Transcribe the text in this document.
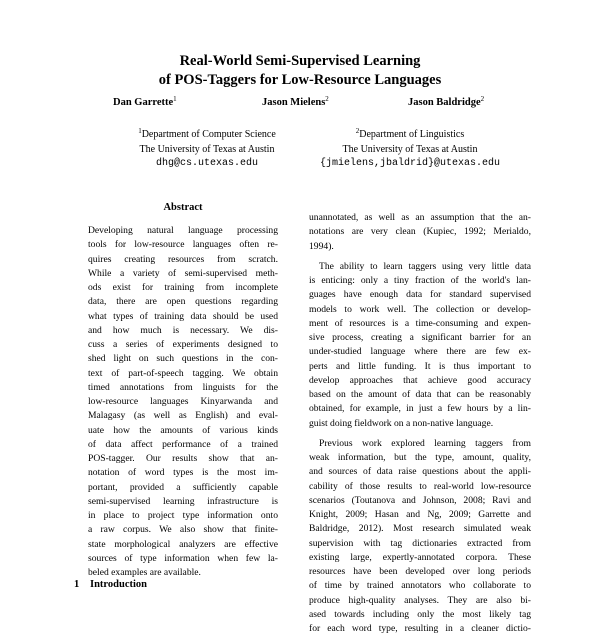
Real-World Semi-Supervised Learning
of POS-Taggers for Low-Resource Languages
Dan Garrette$^1$	Jason Mielens$^2$	Jason Baldridge$^2$
$^1$Department of Computer Science
The University of Texas at Austin
dhg@cs.utexas.edu
$^2$Department of Linguistics
The University of Texas at Austin
{jmielens,jbaldrid}@utexas.edu
Abstract
Developing natural language processing
tools for low-resource languages often re-
quires creating resources from scratch.
While a variety of semi-supervised meth-
ods exist for training from incomplete
data, there are open questions regarding
what types of training data should be used
and how much is necessary. We dis-
cuss a series of experiments designed to
shed light on such questions in the con-
text of part-of-speech tagging. We obtain
timed annotations from linguists for the
low-resource languages Kinyarwanda and
Malagasy (as well as English) and eval-
uate how the amounts of various kinds
of data affect performance of a trained
POS-tagger. Our results show that an-
notation of word types is the most im-
portant, provided a sufficiently capable
semi-supervised learning infrastructure is
in place to project type information onto
a raw corpus. We also show that finite-
state morphological analyzers are effective
sources of type information when few la-
beled examples are available.
1 Introduction
unannotated, as well as an assumption that the an-
notations are very clean (Kupiec, 1992; Merialdo,
1994).
The ability to learn taggers using very little data
is enticing: only a tiny fraction of the world's lan-
guages have enough data for standard supervised
models to work well. The collection or develop-
ment of resources is a time-consuming and expen-
sive process, creating a significant barrier for an
under-studied language where there are few ex-
perts and little funding. It is thus important to
develop approaches that achieve good accuracy
based on the amount of data that can be reasonably
obtained, for example, in just a few hours by a lin-
guist doing fieldwork on a non-native language.
Previous work explored learning taggers from
weak information, but the type, amount, quality,
and sources of data raise questions about the appli-
cability of those results to real-world low-resource
scenarios (Toutanova and Johnson, 2008; Ravi and
Knight, 2009; Hasan and Ng, 2009; Garrette and
Baldridge, 2012). Most research simulated weak
supervision with tag dictionaries extracted from
existing large, expertly-annotated corpora. These
resources have been developed over long periods
of time by trained annotators who collaborate to
produce high-quality analyses. They are also bi-
ased towards including only the most likely tag
for each word type, resulting in a cleaner dictio-
